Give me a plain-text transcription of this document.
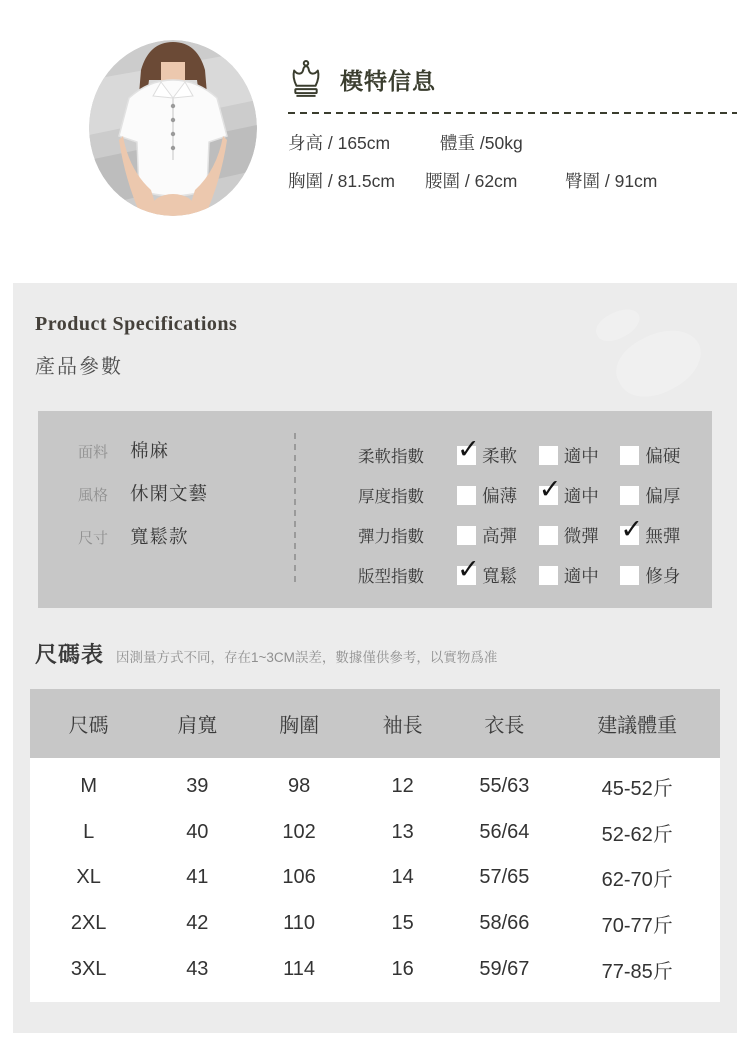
模特信息
身高 / 165cm	體重 /50kg
胸圍 / 81.5cm	腰圍 / 62cm	臀圍 / 91cm
Product Specifications
產品參數
面料	棉麻
風格	休閑文藝
尺寸	寬鬆款
柔軟指數	✓ 柔軟	適中	偏硬
厚度指數	偏薄 ✓ 適中	偏厚
彈力指數	高彈	微彈 ✓ 無彈
版型指數	✓ 寬鬆	適中	修身
尺碼表 因測量方式不同，存在1~3CM誤差，數據僅供參考，以實物爲准
尺碼	肩寬	胸圍	袖長	衣長	建議體重
M	39	98	12	55/63	45-52斤
L	40	102	13	56/64	52-62斤
XL	41	106	14	57/65	62-70斤
2XL	42	110	15	58/66	70-77斤
3XL	43	114	16	59/67	77-85斤
